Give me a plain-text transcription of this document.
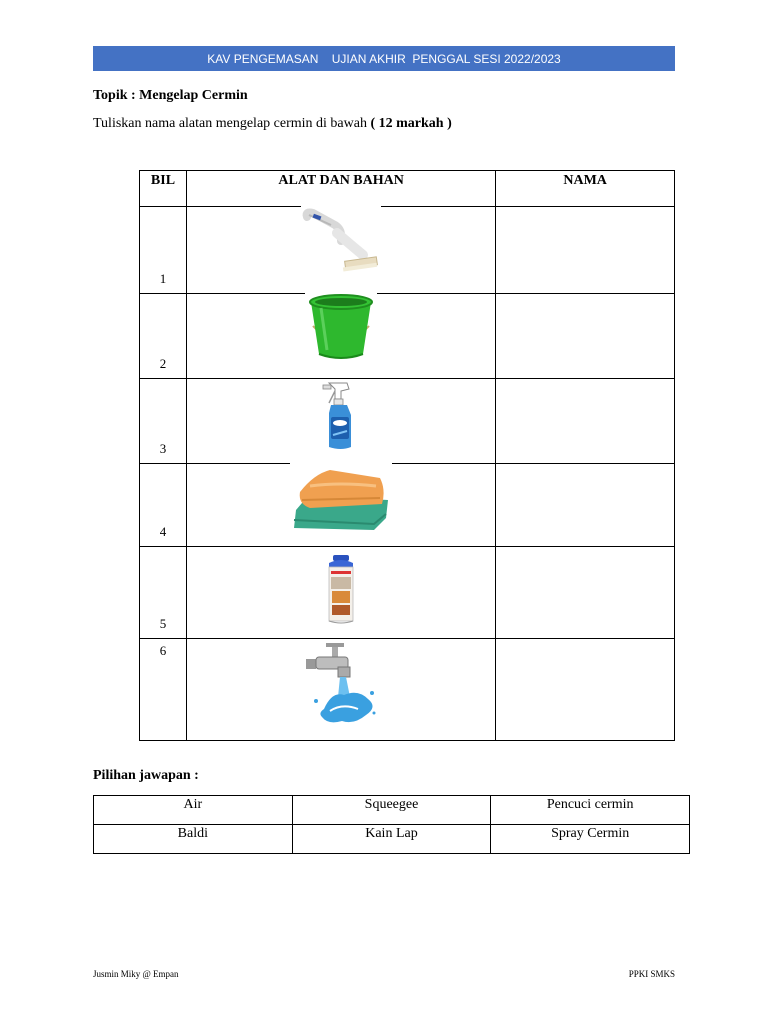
KAV PENGEMASAN    UJIAN AKHIR  PENGGAL SESI 2022/2023
Topik : Mengelap Cermin
Tuliskan nama alatan mengelap cermin di bawah ( 12 markah )
BIL	ALAT DAN BAHAN	NAMA
1	

2	

3	

4	

5	

6	

Pilihan jawapan :
Air	Squeegee	Pencuci cermin
Baldi	Kain Lap	Spray Cermin
Jusmin Miky @ Empan	PPKI SMKS
